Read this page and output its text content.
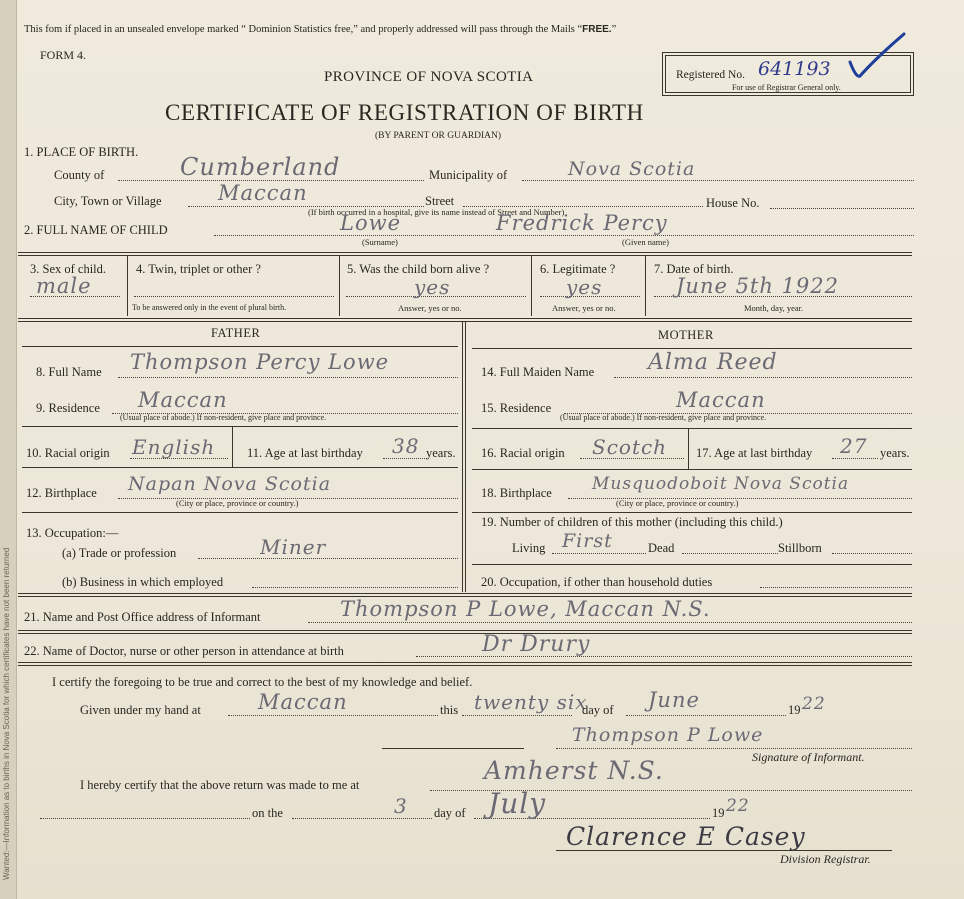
Wanted:—Information as to births in Nova Scotia for which certificates have not been returned
This fom if placed in an unsealed envelope marked “ Dominion Statistics free,” and properly addressed will pass through the Mails “FREE.”
FORM 4.
PROVINCE OF NOVA SCOTIA
CERTIFICATE OF REGISTRATION OF BIRTH
(BY PARENT OR GUARDIAN)
Registered No. 641193
For use of Registrar General only.
1. PLACE OF BIRTH.
County of	Cumberland	Municipality of	Nova Scotia
City, Town or Village	Maccan	Street	House No.
(If birth occurred in a hospital, give its name instead of Street and Number)
2. FULL NAME OF CHILD	Lowe	Fredrick Percy
(Surname)	(Given name)
3. Sex of child.
male
4. Twin, triplet or other ?
To be answered only in the event of plural birth.
5. Was the child born alive ?
yes
Answer, yes or no.
6. Legitimate ?
yes
Answer, yes or no.
7. Date of birth.
June 5th 1922
Month, day, year.
FATHER	MOTHER
8. Full Name Thompson Percy Lowe
9. Residence Maccan
(Usual place of abode.) If non-resident, give place and province.
10. Racial origin English	11. Age at last birthday 38 years.
12. Birthplace Napan Nova Scotia
(City or place, province or country.)
13. Occupation:—
(a) Trade or profession	Miner
(b) Business in which employed
14. Full Maiden Name Alma Reed
15. Residence	Maccan
(Usual place of abode.) If non-resident, give place and province.
16. Racial origin Scotch 17. Age at last birthday 27 years.
18. Birthplace Musquodoboit Nova Scotia
(City or place, province or country.)
19. Number of children of this mother (including this child.)
Living First	Dead	Stillborn
20. Occupation, if other than household duties
21. Name and Post Office address of Informant	Thompson P Lowe, Maccan N.S.
22. Name of Doctor, nurse or other person in attendance at birth	Dr Drury
I certify the foregoing to be true and correct to the best of my knowledge and belief.
Given under my hand at	Maccan	this twenty six
day of June	19 22
Thompson P Lowe
Signature of Informant.
I hereby certify that the above return was made to me at	Amherst N.S.
on the	3 day of July	19 22
Clarence E Casey
Division Registrar.
